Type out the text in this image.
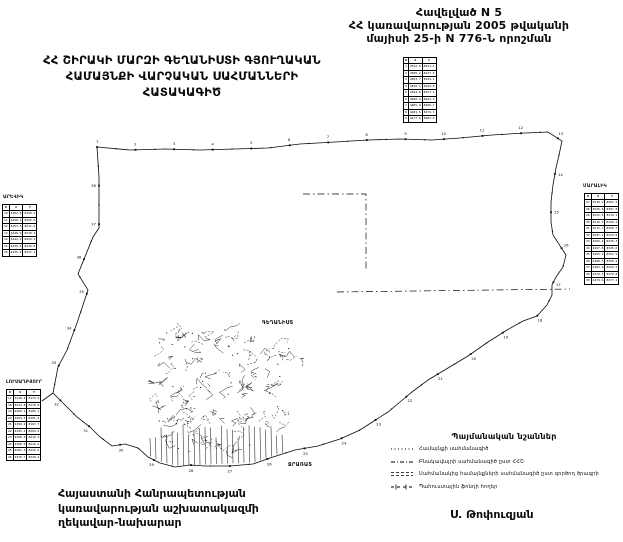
1
2	3	4	5
6
7	8	9	10
11
12
13
14
15
16
17
18
19
20
21
22
23
24
25
26
27
28
29
30
31
32
33
34
35
36
37
38
Հավելված N 5
ՀՀ կառավարության 2005 թվականի
մայիսի 25-ի N 776-Ն որոշման
ՀՀ ՇԻՐԱԿԻ ՄԱՐԶԻ ԳԵՂԱՆԻՍՏԻ ԳՅՈՒՂԱԿԱՆ
ՀԱՄԱՅՆՔԻ ՎԱՐՉԱԿԱՆ ՍԱՀՄԱՆՆԵՐԻ
ՀԱՏԱԿԱԳԻԾ
ԳԵՂԱՆԻՍՏ
ՋՐԱՌԱՏ
N	X	Y
1	4512.6	8231.4
2	4508.2	8237.9
3	4503.7	8244.1
4	4499.3	8250.8
5	4494.8	8257.2
6	4490.4	8263.5
7	4485.9	8269.7
8	4481.5	8276.3
9	4477.0	8282.6
ԱՐԵՎԻԿ
N	X	Y
10	4462.8	8199.3
11	4458.1	8205.6
12	4453.5	8211.9
13	4448.9	8218.2
14	4444.2	8224.5
15	4439.6	8230.8
16	4435.0	8237.1
ԼՈՒՍԱՂԲՅՈՒՐ
N	X	Y
17	4418.4	8172.5
18	4413.8	8178.8
19	4409.1	8185.1
20	4404.5	8191.4
21	4399.9	8197.7
22	4395.2	8204.0
23	4390.6	8210.3
24	4386.0	8216.6
25	4381.3	8222.9
26	4376.7	8229.2
ՄԱՐԱԼԻԿ
N	X	Y
27	4530.2	8301.5
28	4525.6	8307.8
29	4521.0	8314.1
30	4516.3	8320.4
31	4511.7	8326.7
32	4507.1	8333.0
33	4502.4	8339.3
34	4497.8	8345.6
35	4493.2	8351.9
36	4488.5	8358.2
37	4483.9	8364.5
38	4479.3	8370.8
39	4474.6	8377.1
Պայմանական նշաններ
Համայնքի սահմանագիծ
Բնակավայրի սահմանագիծ ըստ ՀՀՇ
Սահմանակից համայնքների սահմանագիծ ըստ գործող ծրագրի
Պահուստային ֆոնդի հողեր
Հայաստանի Հանրապետության
կառավարության աշխատակազմի
ղեկավար-նախարար
Ս. Թոփուզյան
